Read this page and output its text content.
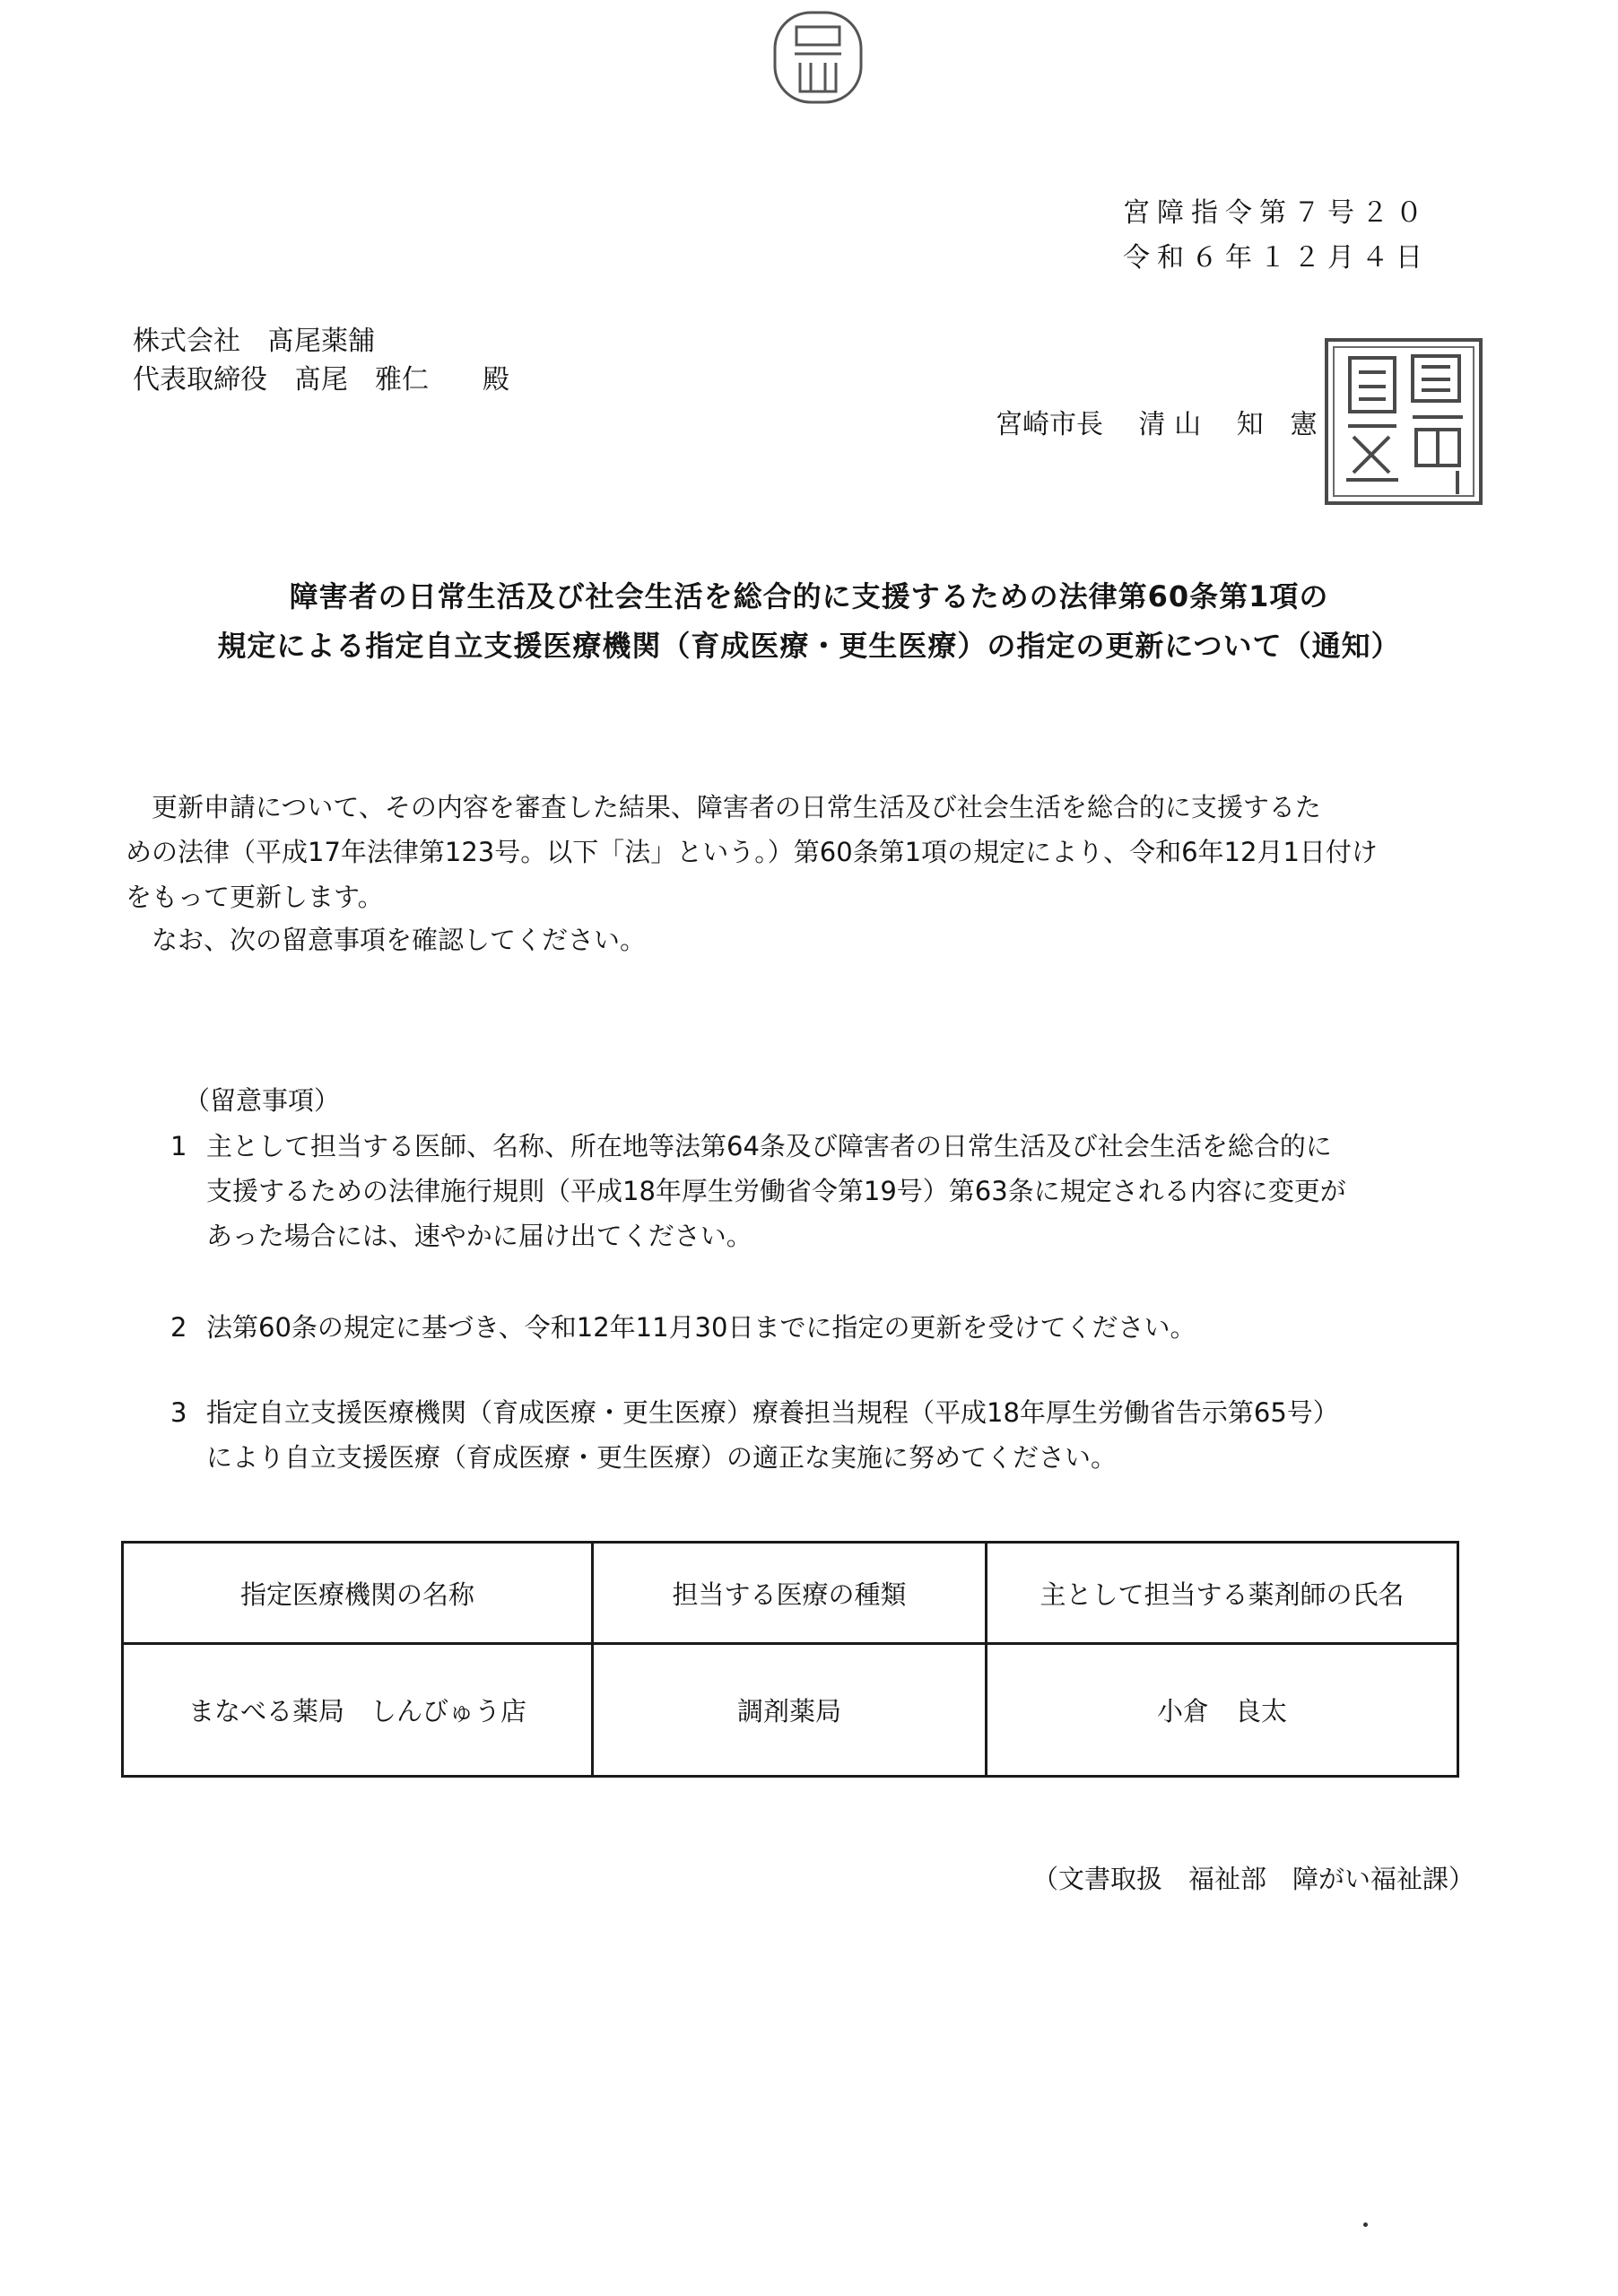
宮障指令第７号２０
令和６年１２月４日
株式会社　髙尾薬舗
代表取締役　髙尾　雅仁　　殿
宮崎市長　 清 山 　知　憲
障害者の日常生活及び社会生活を総合的に支援するための法律第60条第1項の
規定による指定自立支援医療機関（育成医療・更生医療）の指定の更新について（通知）
　更新申請について、その内容を審査した結果、障害者の日常生活及び社会生活を総合的に支援するた
めの法律（平成17年法律第123号。以下「法」という。）第60条第1項の規定により、令和6年12月1日付け
をもって更新します。
　なお、次の留意事項を確認してください。
（留意事項）
1 主として担当する医師、名称、所在地等法第64条及び障害者の日常生活及び社会生活を総合的に
支援するための法律施行規則（平成18年厚生労働省令第19号）第63条に規定される内容に変更が
あった場合には、速やかに届け出てください。
2 法第60条の規定に基づき、令和12年11月30日までに指定の更新を受けてください。
3 指定自立支援医療機関（育成医療・更生医療）療養担当規程（平成18年厚生労働省告示第65号）
により自立支援医療（育成医療・更生医療）の適正な実施に努めてください。
指定医療機関の名称	担当する医療の種類	主として担当する薬剤師の氏名
まなべる薬局　しんびゅう店	調剤薬局	小倉　良太
（文書取扱　福祉部　障がい福祉課）
